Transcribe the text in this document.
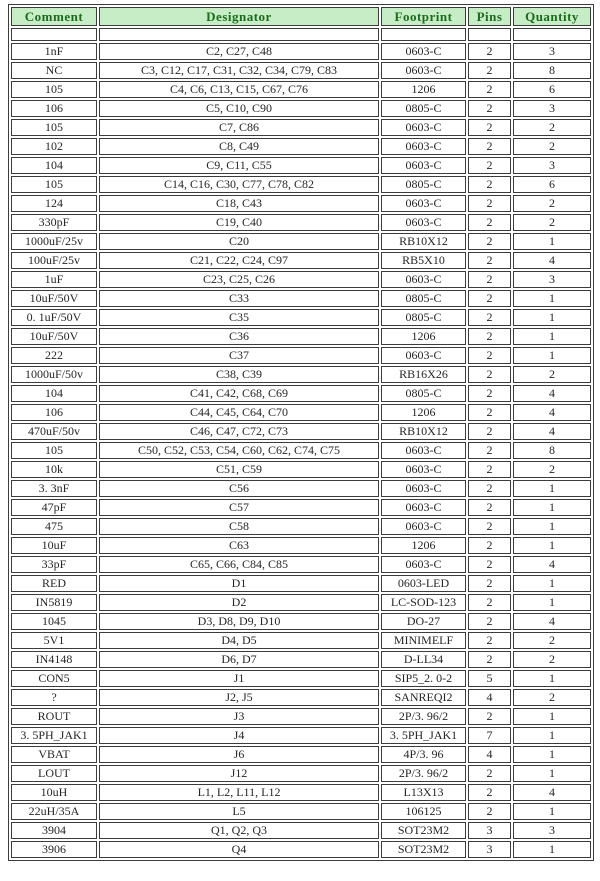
Comment	Designator	Footprint	Pins	Quantity

1nF	C2, C27, C48	0603-C	2	3
NC	C3, C12, C17, C31, C32, C34, C79, C83	0603-C	2	8
105	C4, C6, C13, C15, C67, C76	1206	2	6
106	C5, C10, C90	0805-C	2	3
105	C7, C86	0603-C	2	2
102	C8, C49	0603-C	2	2
104	C9, C11, C55	0603-C	2	3
105	C14, C16, C30, C77, C78, C82	0805-C	2	6
124	C18, C43	0603-C	2	2
330pF	C19, C40	0603-C	2	2
1000uF/25v	C20	RB10X12	2	1
100uF/25v	C21, C22, C24, C97	RB5X10	2	4
1uF	C23, C25, C26	0603-C	2	3
10uF/50V	C33	0805-C	2	1
0. 1uF/50V	C35	0805-C	2	1
10uF/50V	C36	1206	2	1
222	C37	0603-C	2	1
1000uF/50v	C38, C39	RB16X26	2	2
104	C41, C42, C68, C69	0805-C	2	4
106	C44, C45, C64, C70	1206	2	4
470uF/50v	C46, C47, C72, C73	RB10X12	2	4
105	C50, C52, C53, C54, C60, C62, C74, C75	0603-C	2	8
10k	C51, C59	0603-C	2	2
3. 3nF	C56	0603-C	2	1
47pF	C57	0603-C	2	1
475	C58	0603-C	2	1
10uF	C63	1206	2	1
33pF	C65, C66, C84, C85	0603-C	2	4
RED	D1	0603-LED	2	1
IN5819	D2	LC-SOD-123	2	1
1045	D3, D8, D9, D10	DO-27	2	4
5V1	D4, D5	MINIMELF	2	2
IN4148	D6, D7	D-LL34	2	2
CON5	J1	SIP5_2. 0-2	5	1
?	J2, J5	SANREQI2	4	2
ROUT	J3	2P/3. 96/2	2	1
3. 5PH_JAK1	J4	3. 5PH_JAK1	7	1
VBAT	J6	4P/3. 96	4	1
LOUT	J12	2P/3. 96/2	2	1
10uH	L1, L2, L11, L12	L13X13	2	4
22uH/35A	L5	106125	2	1
3904	Q1, Q2, Q3	SOT23M2	3	3
3906	Q4	SOT23M2	3	1
